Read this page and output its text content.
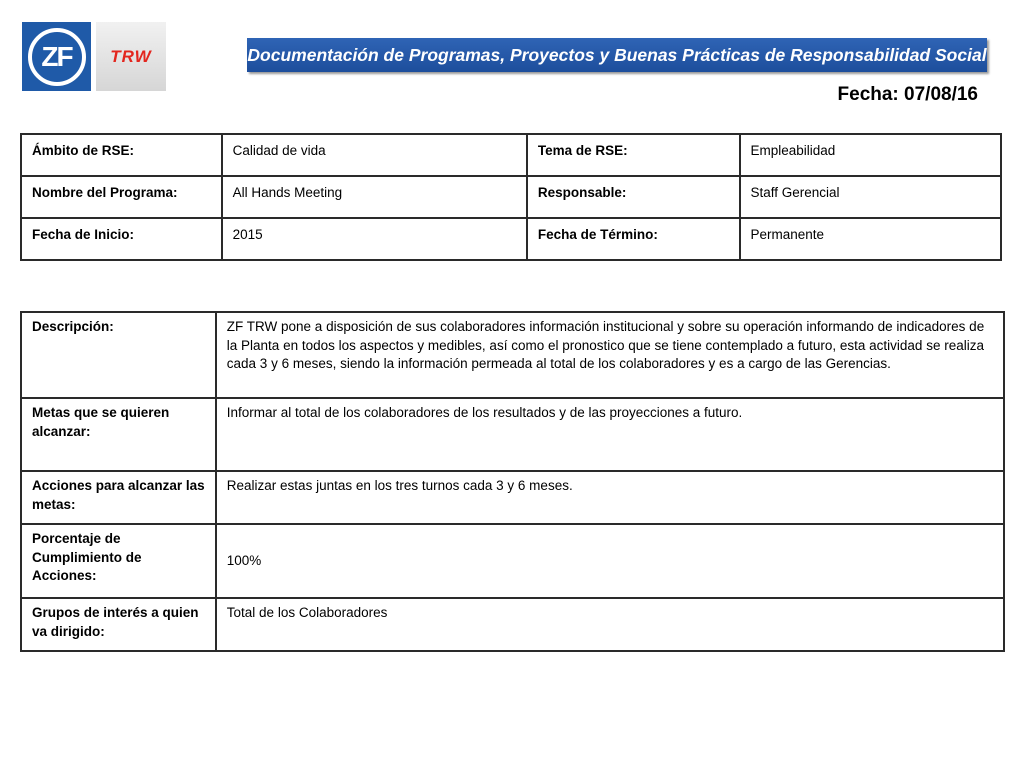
ZF	TRW	Documentación de Programas, Proyectos y Buenas Prácticas de Responsabilidad Social
Fecha: 07/08/16
Ámbito de RSE:	Calidad de vida	Tema de RSE:	Empleabilidad
Nombre del Programa:	All Hands Meeting	Responsable:	Staff Gerencial
Fecha de Inicio:	2015	Fecha de Término:	Permanente
Descripción:	ZF TRW pone a disposición de sus colaboradores información institucional y sobre su operación informando de indicadores de la Planta en todos los aspectos y medibles, así como el pronostico que se tiene contemplado a futuro, esta actividad se realiza cada 3 y 6 meses, siendo la información permeada al total de los colaboradores y es a cargo de las Gerencias.
Metas que se quieren alcanzar:	Informar al total de los colaboradores de los resultados y de las proyecciones a futuro.
Acciones para alcanzar las metas:	Realizar estas juntas en los tres turnos cada 3 y 6 meses.
Porcentaje de Cumplimiento de Acciones:	100%
Grupos de interés a quien va dirigido:	Total de los Colaboradores
